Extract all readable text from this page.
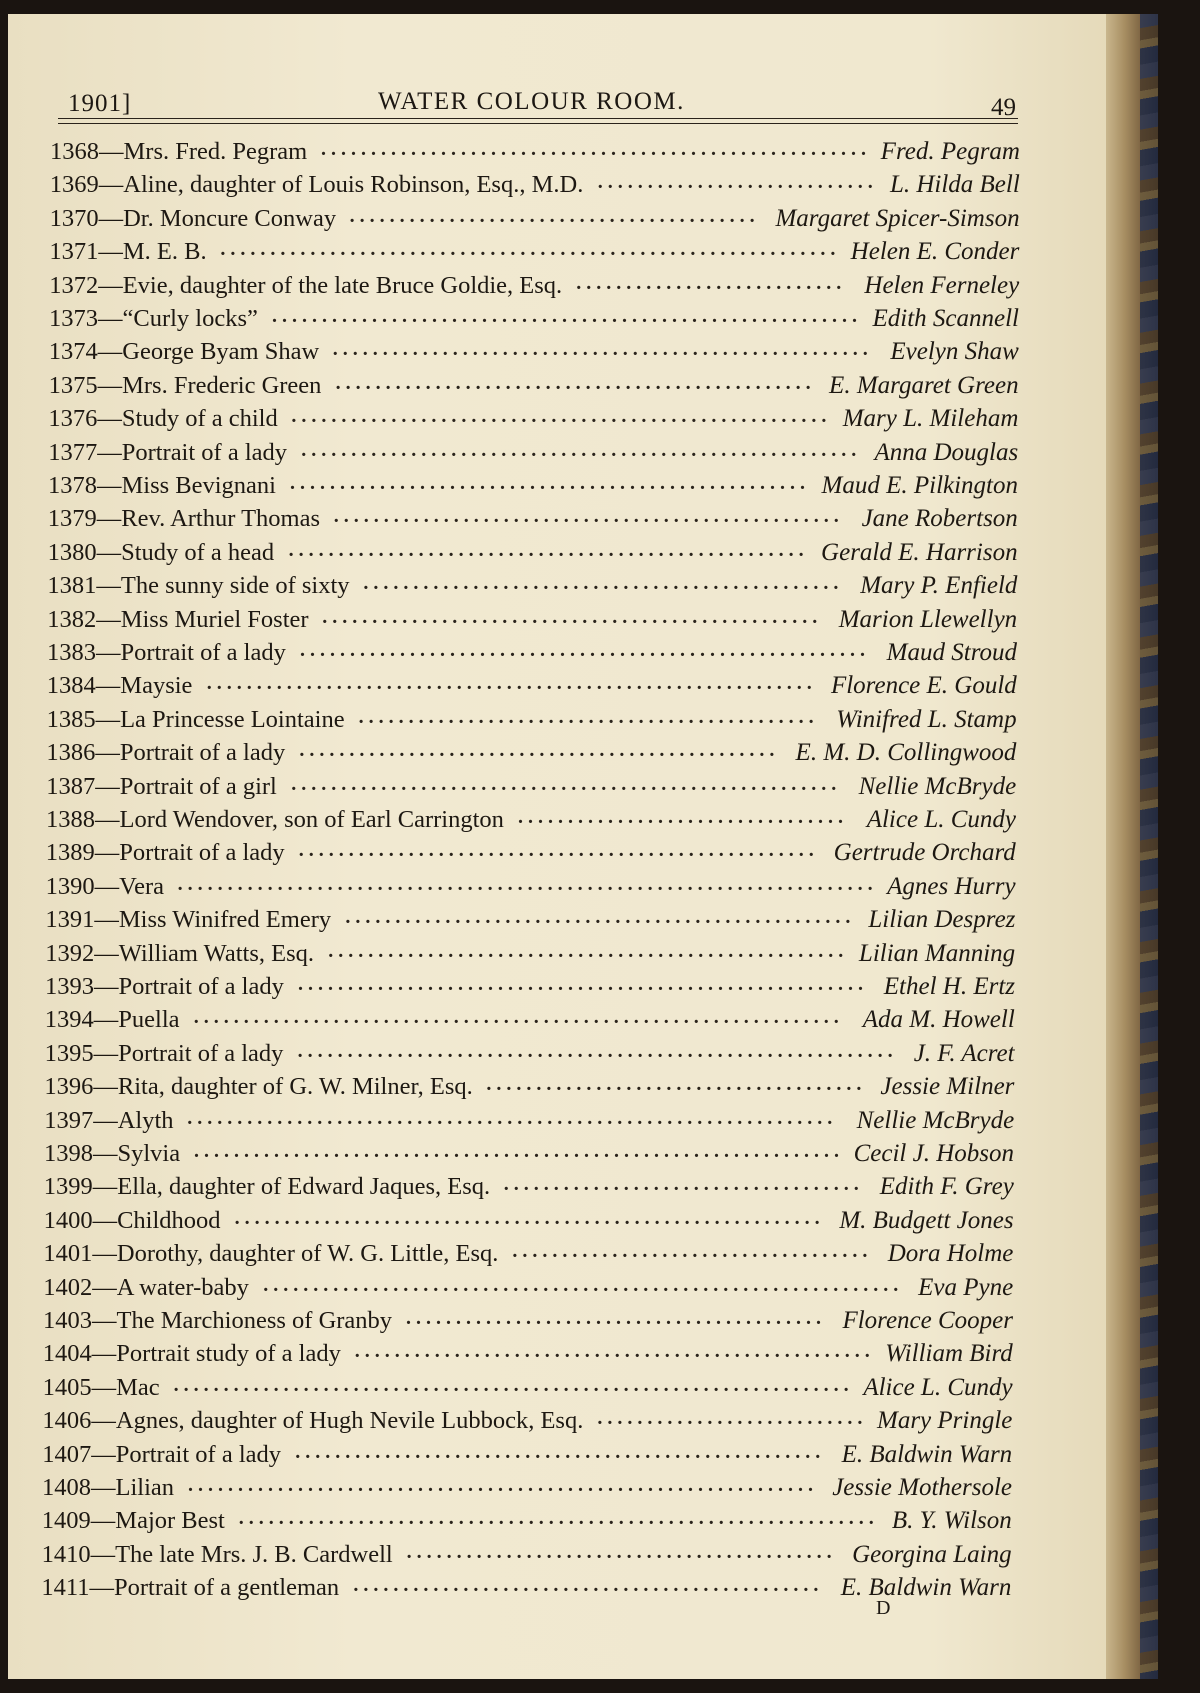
1901]	WATER COLOUR ROOM.	49
1368—Mrs. Fred. Pegram ....................................................... Fred. Pegram
1369—Aline, daughter of Louis Robinson, Esq., M.D. ............................ L. Hilda Bell
1370—Dr. Moncure Conway ......................................... Margaret Spicer-Simson
1371—M. E. B. .............................................................. Helen E. Conder
1372—Evie, daughter of the late Bruce Goldie, Esq. ........................... Helen Ferneley
1373—“Curly locks” ........................................................... Edith Scannell
1374—George Byam Shaw ...................................................... Evelyn Shaw
1375—Mrs. Frederic Green ................................................ E. Margaret Green
1376—Study of a child ...................................................... Mary L. Mileham
1377—Portrait of a lady ........................................................ Anna Douglas
1378—Miss Bevignani .................................................... Maud E. Pilkington
1379—Rev. Arthur Thomas ................................................... Jane Robertson
1380—Study of a head .................................................... Gerald E. Harrison
1381—The sunny side of sixty ................................................ Mary P. Enfield
1382—Miss Muriel Foster .................................................. Marion Llewellyn
1383—Portrait of a lady ......................................................... Maud Stroud
1384—Maysie ............................................................. Florence E. Gould
1385—La Princesse Lointaine .............................................. Winifred L. Stamp
1386—Portrait of a lady ................................................ E. M. D. Collingwood
1387—Portrait of a girl ....................................................... Nellie McBryde
1388—Lord Wendover, son of Earl Carrington ................................. Alice L. Cundy
1389—Portrait of a lady .................................................... Gertrude Orchard
1390—Vera ...................................................................... Agnes Hurry
1391—Miss Winifred Emery ................................................... Lilian Desprez
1392—William Watts, Esq. .................................................... Lilian Manning
1393—Portrait of a lady ......................................................... Ethel H. Ertz
1394—Puella ................................................................. Ada M. Howell
1395—Portrait of a lady ............................................................ J. F. Acret
1396—Rita, daughter of G. W. Milner, Esq. ...................................... Jessie Milner
1397—Alyth ................................................................. Nellie McBryde
1398—Sylvia ................................................................. Cecil J. Hobson
1399—Ella, daughter of Edward Jaques, Esq. .................................... Edith F. Grey
1400—Childhood ........................................................... M. Budgett Jones
1401—Dorothy, daughter of W. G. Little, Esq. .................................... Dora Holme
1402—A water-baby ................................................................ Eva Pyne
1403—The Marchioness of Granby .......................................... Florence Cooper
1404—Portrait study of a lady .................................................... William Bird
1405—Mac .................................................................... Alice L. Cundy
1406—Agnes, daughter of Hugh Nevile Lubbock, Esq. ........................... Mary Pringle
1407—Portrait of a lady ..................................................... E. Baldwin Warn
1408—Lilian ............................................................... Jessie Mothersole
1409—Major Best ................................................................ B. Y. Wilson
1410—The late Mrs. J. B. Cardwell ........................................... Georgina Laing
1411—Portrait of a gentleman ............................................... E. Baldwin Warn
D
